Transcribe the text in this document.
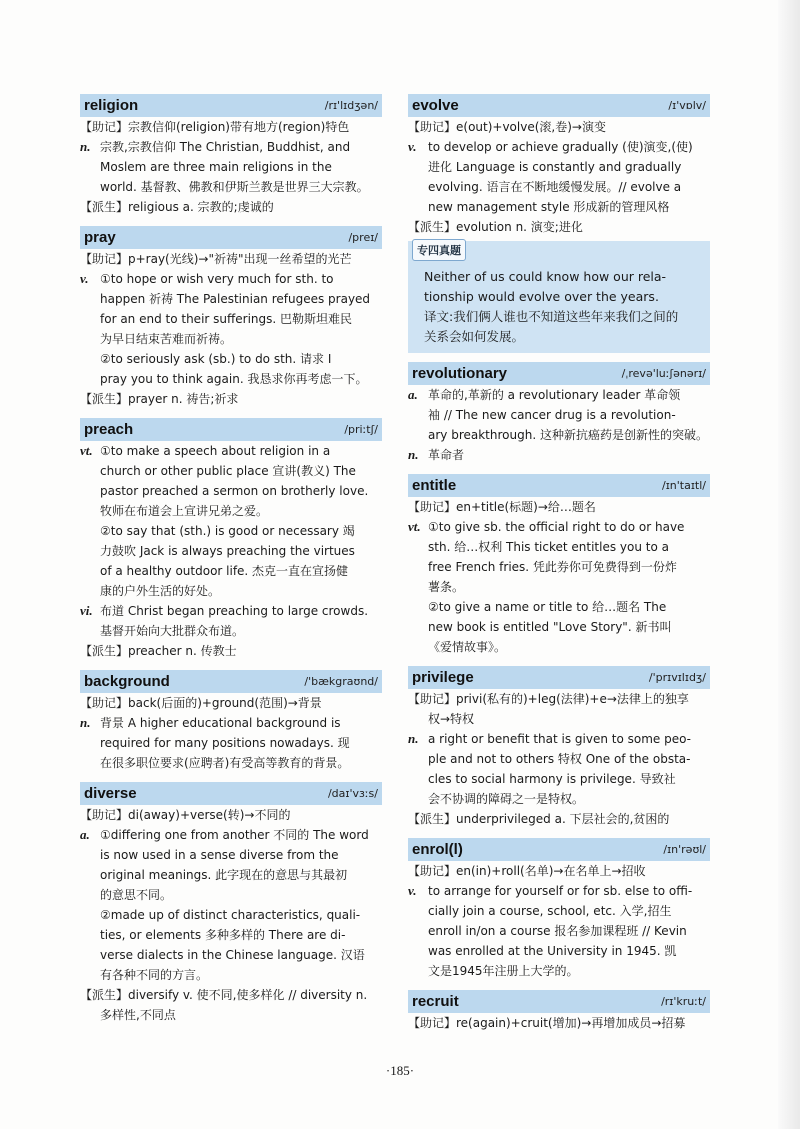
religion	/rɪ'lɪdʒən/
【助记】宗教信仰(religion)带有地方(region)特色
n. 宗教,宗教信仰 The Christian, Buddhist, and
Moslem are three main religions in the
world. 基督教、佛教和伊斯兰教是世界三大宗教。
【派生】religious a. 宗教的;虔诚的
pray	/preɪ/
【助记】p+ray(光线)→"祈祷"出现一丝希望的光芒
v. ①to hope or wish very much for sth. to
happen 祈祷 The Palestinian refugees prayed
for an end to their sufferings. 巴勒斯坦难民
为早日结束苦难而祈祷。
②to seriously ask (sb.) to do sth. 请求 I
pray you to think again. 我恳求你再考虑一下。
【派生】prayer n. 祷告;祈求
preach	/priːtʃ/
vt. ①to make a speech about religion in a
church or other public place 宣讲(教义) The
pastor preached a sermon on brotherly love.
牧师在布道会上宣讲兄弟之爱。
②to say that (sth.) is good or necessary 竭
力鼓吹 Jack is always preaching the virtues
of a healthy outdoor life. 杰克一直在宣扬健
康的户外生活的好处。
vi. 布道 Christ began preaching to large crowds.
基督开始向大批群众布道。
【派生】preacher n. 传教士
background	/'bækgraʊnd/
【助记】back(后面的)+ground(范围)→背景
n. 背景 A higher educational background is
required for many positions nowadays. 现
在很多职位要求(应聘者)有受高等教育的背景。
diverse	/daɪ'vɜːs/
【助记】di(away)+verse(转)→不同的
a. ①differing one from another 不同的 The word
is now used in a sense diverse from the
original meanings. 此字现在的意思与其最初
的意思不同。
②made up of distinct characteristics, quali-
ties, or elements 多种多样的 There are di-
verse dialects in the Chinese language. 汉语
有各种不同的方言。
【派生】diversify v. 使不同,使多样化 // diversity n.
多样性,不同点
evolve	/ɪ'vɒlv/
【助记】e(out)+volve(滚,卷)→演变
v. to develop or achieve gradually (使)演变,(使)
进化 Language is constantly and gradually
evolving. 语言在不断地缓慢发展。// evolve a
new management style 形成新的管理风格
【派生】evolution n. 演变;进化
专四真题
Neither of us could know how our rela-
tionship would evolve over the years.
译文:我们俩人谁也不知道这些年来我们之间的
关系会如何发展。
revolutionary	/ˌrevə'luːʃənərɪ/
a. 革命的,革新的 a revolutionary leader 革命领
袖 // The new cancer drug is a revolution-
ary breakthrough. 这种新抗癌药是创新性的突破。
n. 革命者
entitle	/ɪn'taɪtl/
【助记】en+title(标题)→给…题名
vt. ①to give sb. the official right to do or have
sth. 给…权利 This ticket entitles you to a
free French fries. 凭此券你可免费得到一份炸
薯条。
②to give a name or title to 给…题名 The
new book is entitled "Love Story". 新书叫
《爱情故事》。
privilege	/'prɪvɪlɪdʒ/
【助记】privi(私有的)+leg(法律)+e→法律上的独享
权→特权
n. a right or benefit that is given to some peo-
ple and not to others 特权 One of the obsta-
cles to social harmony is privilege. 导致社
会不协调的障碍之一是特权。
【派生】underprivileged a. 下层社会的,贫困的
enrol(l)	/ɪn'rəʊl/
【助记】en(in)+roll(名单)→在名单上→招收
v. to arrange for yourself or for sb. else to offi-
cially join a course, school, etc. 入学,招生
enroll in/on a course 报名参加课程班 // Kevin
was enrolled at the University in 1945. 凯
文是1945年注册上大学的。
recruit	/rɪ'kruːt/
【助记】re(again)+cruit(增加)→再增加成员→招募
·185·
